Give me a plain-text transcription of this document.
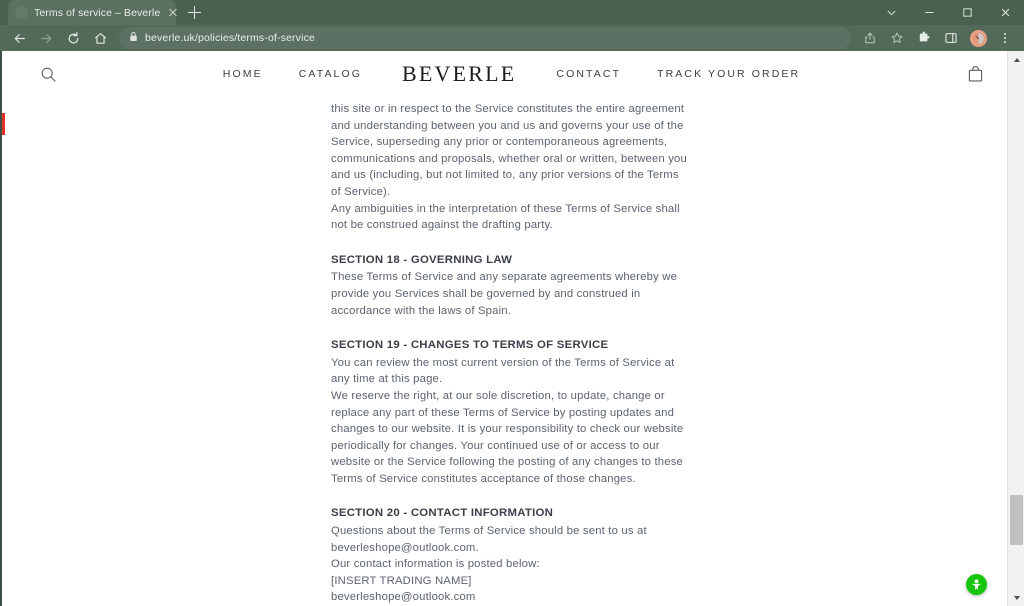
Terms of service – Beverle
beverle.uk/policies/terms-of-service
HOME	CATALOG	BEVERLE	CONTACT	TRACK YOUR ORDER

this site or in respect to the Service constitutes the entire agreement and understanding between you and us and governs your use of the Service, superseding any prior or contemporaneous agreements, communications and proposals, whether oral or written, between you and us (including, but not limited to, any prior versions of the Terms of Service).

Any ambiguities in the interpretation of these Terms of Service shall not be construed against the drafting party.

SECTION 18 - GOVERNING LAW

These Terms of Service and any separate agreements whereby we provide you Services shall be governed by and construed in accordance with the laws of Spain.

SECTION 19 - CHANGES TO TERMS OF SERVICE

You can review the most current version of the Terms of Service at any time at this page.

We reserve the right, at our sole discretion, to update, change or replace any part of these Terms of Service by posting updates and changes to our website. It is your responsibility to check our website periodically for changes. Your continued use of or access to our website or the Service following the posting of any changes to these Terms of Service constitutes acceptance of those changes.

SECTION 20 - CONTACT INFORMATION

Questions about the Terms of Service should be sent to us at beverleshope@outlook.com.

Our contact information is posted below:

[INSERT TRADING NAME]

beverleshope@outlook.com
